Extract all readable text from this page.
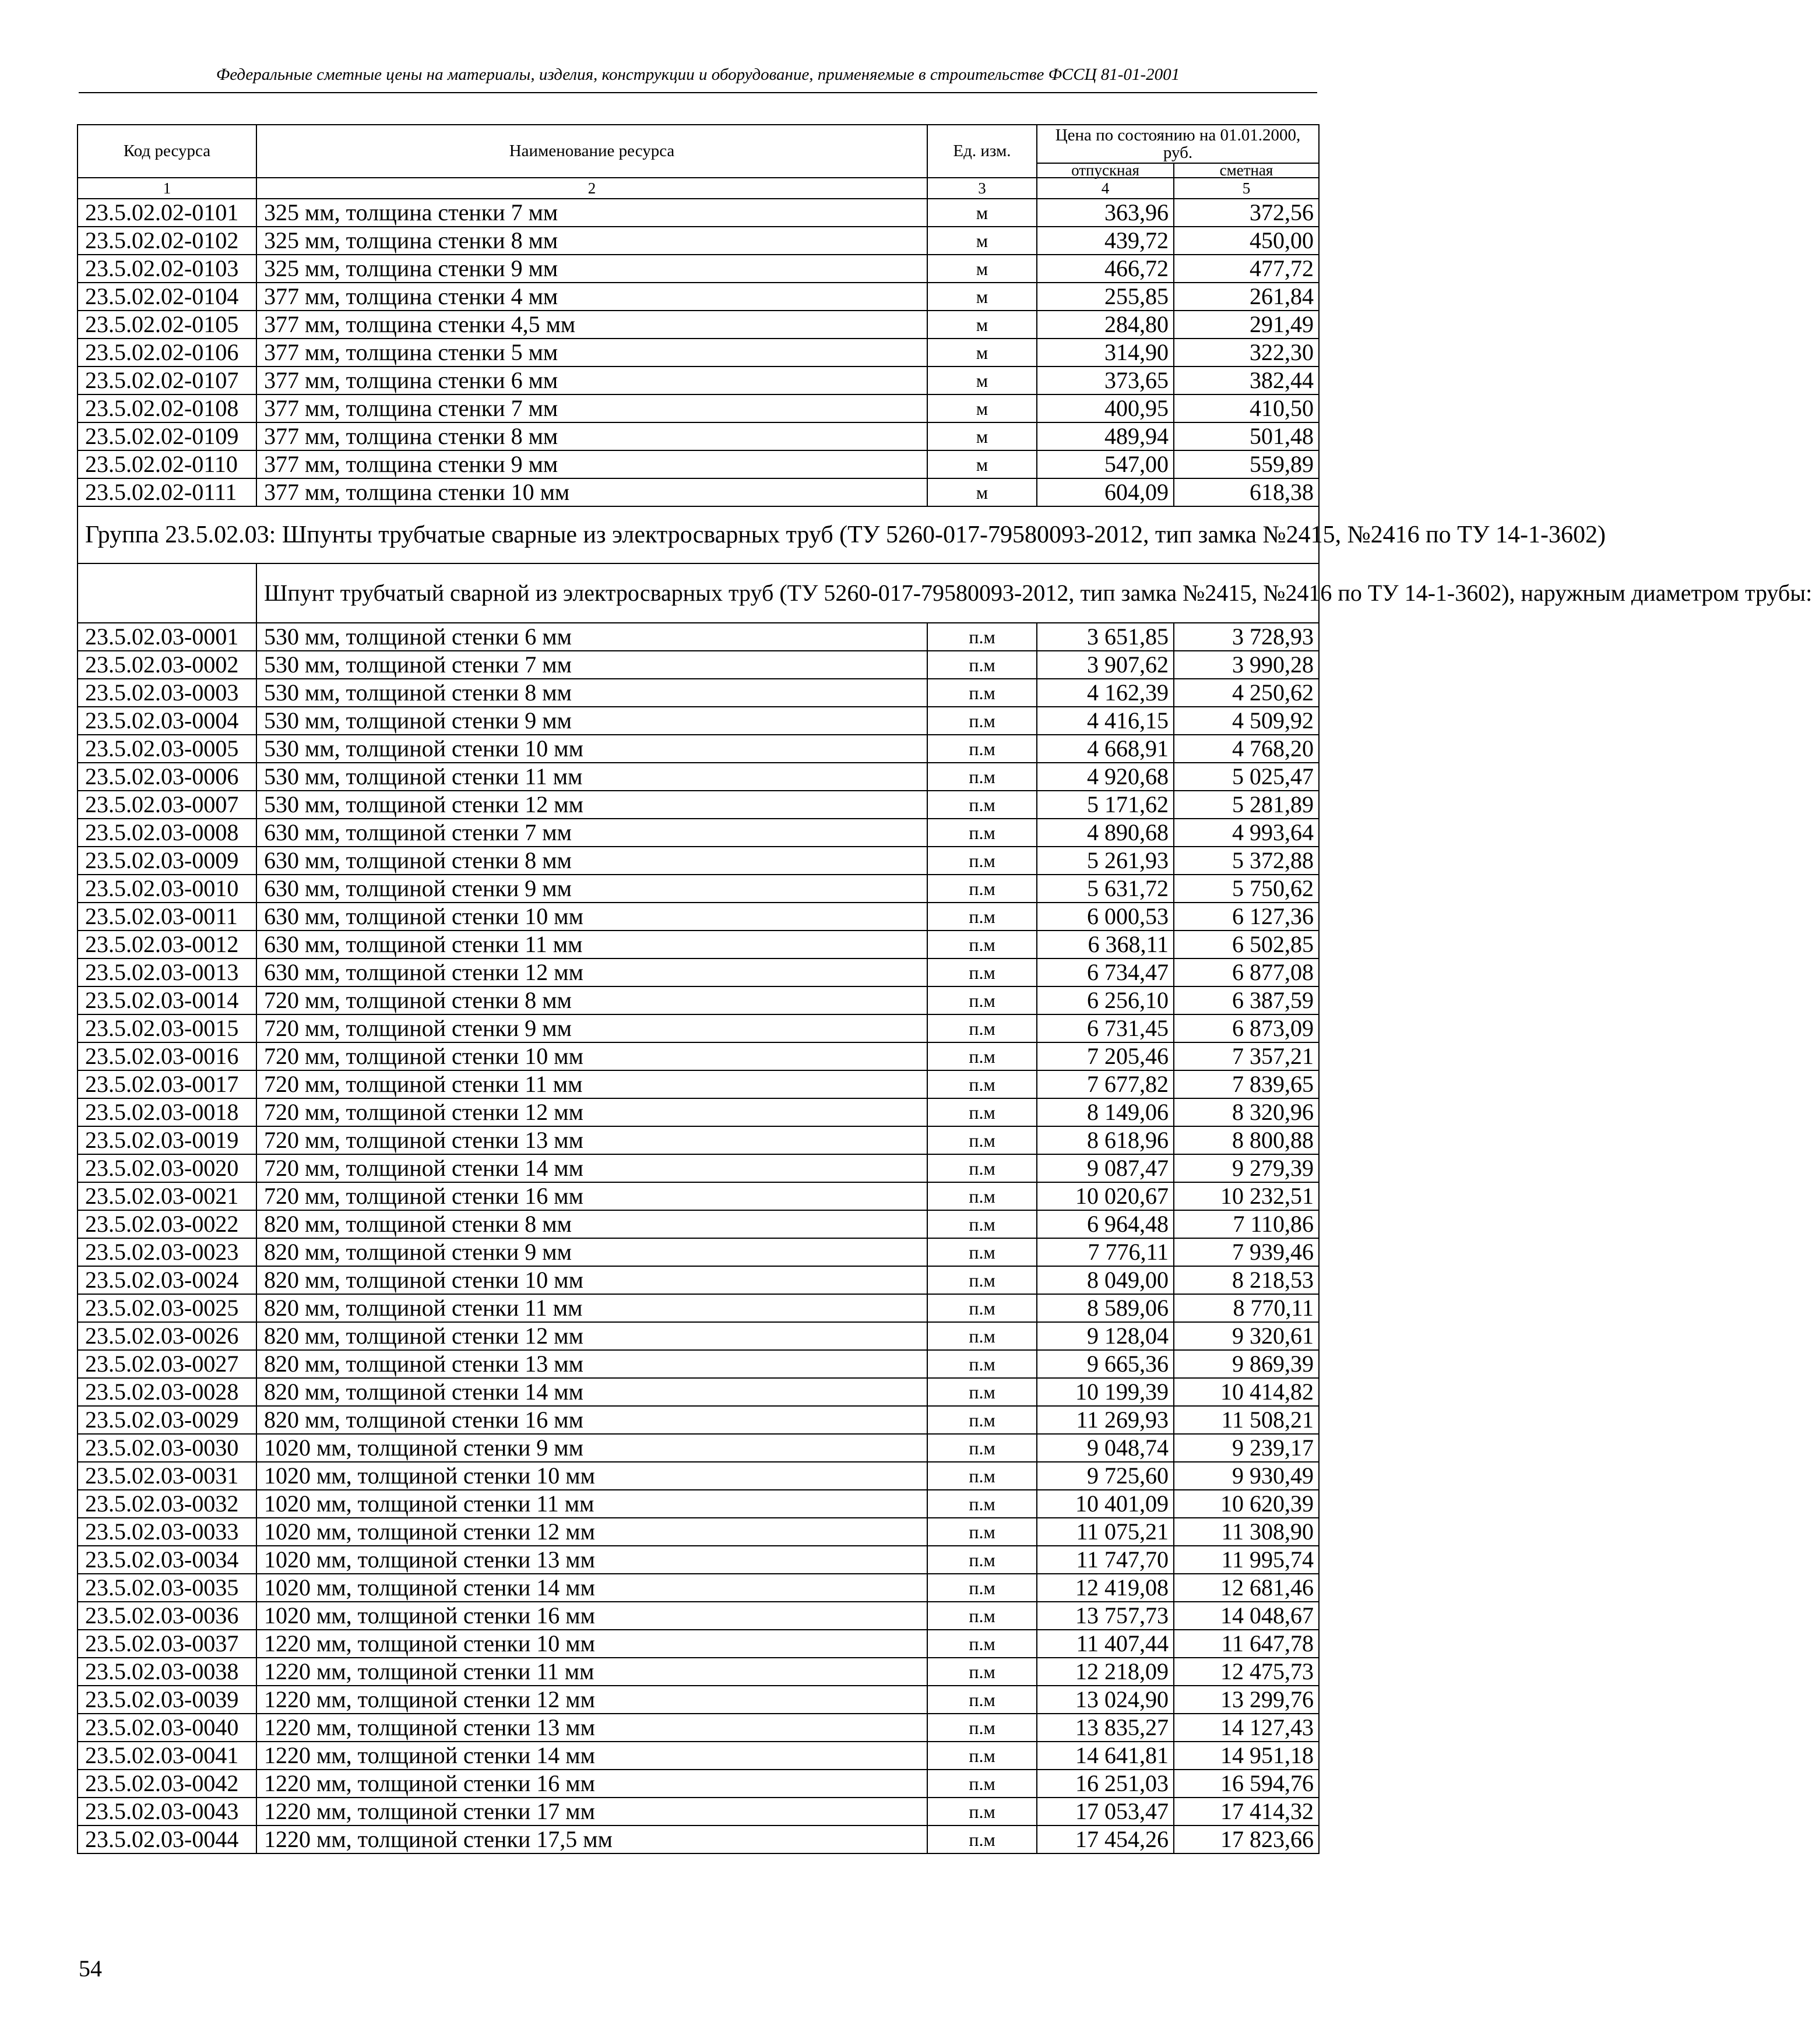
Федеральные сметные цены на материалы, изделия, конструкции и оборудование, применяемые в строительстве ФССЦ 81-01-2001
Код ресурса	Наименование ресурса	Ед. изм.	Цена по состоянию на 01.01.2000, руб.	
			отпускная	сметная
1	2	3	4	5
23.5.02.02-0101	325 мм, толщина стенки 7 мм	м	363,96	372,56
23.5.02.02-0102	325 мм, толщина стенки 8 мм	м	439,72	450,00
23.5.02.02-0103	325 мм, толщина стенки 9 мм	м	466,72	477,72
23.5.02.02-0104	377 мм, толщина стенки 4 мм	м	255,85	261,84
23.5.02.02-0105	377 мм, толщина стенки 4,5 мм	м	284,80	291,49
23.5.02.02-0106	377 мм, толщина стенки 5 мм	м	314,90	322,30
23.5.02.02-0107	377 мм, толщина стенки 6 мм	м	373,65	382,44
23.5.02.02-0108	377 мм, толщина стенки 7 мм	м	400,95	410,50
23.5.02.02-0109	377 мм, толщина стенки 8 мм	м	489,94	501,48
23.5.02.02-0110	377 мм, толщина стенки 9 мм	м	547,00	559,89
23.5.02.02-0111	377 мм, толщина стенки 10 мм	м	604,09	618,38
Группа 23.5.02.03: Шпунты трубчатые сварные из электросварных труб (ТУ 5260-017-79580093-2012, тип замка №2415, №2416 по ТУ 14-1-3602)				
	Шпунт трубчатый сварной из электросварных труб (ТУ 5260-017-79580093-2012, тип замка №2415, №2416 по ТУ 14-1-3602), наружным диаметром трубы:			
23.5.02.03-0001	530 мм, толщиной стенки 6 мм	п.м	3 651,85	3 728,93
23.5.02.03-0002	530 мм, толщиной стенки 7 мм	п.м	3 907,62	3 990,28
23.5.02.03-0003	530 мм, толщиной стенки 8 мм	п.м	4 162,39	4 250,62
23.5.02.03-0004	530 мм, толщиной стенки 9 мм	п.м	4 416,15	4 509,92
23.5.02.03-0005	530 мм, толщиной стенки 10 мм	п.м	4 668,91	4 768,20
23.5.02.03-0006	530 мм, толщиной стенки 11 мм	п.м	4 920,68	5 025,47
23.5.02.03-0007	530 мм, толщиной стенки 12 мм	п.м	5 171,62	5 281,89
23.5.02.03-0008	630 мм, толщиной стенки 7 мм	п.м	4 890,68	4 993,64
23.5.02.03-0009	630 мм, толщиной стенки 8 мм	п.м	5 261,93	5 372,88
23.5.02.03-0010	630 мм, толщиной стенки 9 мм	п.м	5 631,72	5 750,62
23.5.02.03-0011	630 мм, толщиной стенки 10 мм	п.м	6 000,53	6 127,36
23.5.02.03-0012	630 мм, толщиной стенки 11 мм	п.м	6 368,11	6 502,85
23.5.02.03-0013	630 мм, толщиной стенки 12 мм	п.м	6 734,47	6 877,08
23.5.02.03-0014	720 мм, толщиной стенки 8 мм	п.м	6 256,10	6 387,59
23.5.02.03-0015	720 мм, толщиной стенки 9 мм	п.м	6 731,45	6 873,09
23.5.02.03-0016	720 мм, толщиной стенки 10 мм	п.м	7 205,46	7 357,21
23.5.02.03-0017	720 мм, толщиной стенки 11 мм	п.м	7 677,82	7 839,65
23.5.02.03-0018	720 мм, толщиной стенки 12 мм	п.м	8 149,06	8 320,96
23.5.02.03-0019	720 мм, толщиной стенки 13 мм	п.м	8 618,96	8 800,88
23.5.02.03-0020	720 мм, толщиной стенки 14 мм	п.м	9 087,47	9 279,39
23.5.02.03-0021	720 мм, толщиной стенки 16 мм	п.м	10 020,67	10 232,51
23.5.02.03-0022	820 мм, толщиной стенки 8 мм	п.м	6 964,48	7 110,86
23.5.02.03-0023	820 мм, толщиной стенки 9 мм	п.м	7 776,11	7 939,46
23.5.02.03-0024	820 мм, толщиной стенки 10 мм	п.м	8 049,00	8 218,53
23.5.02.03-0025	820 мм, толщиной стенки 11 мм	п.м	8 589,06	8 770,11
23.5.02.03-0026	820 мм, толщиной стенки 12 мм	п.м	9 128,04	9 320,61
23.5.02.03-0027	820 мм, толщиной стенки 13 мм	п.м	9 665,36	9 869,39
23.5.02.03-0028	820 мм, толщиной стенки 14 мм	п.м	10 199,39	10 414,82
23.5.02.03-0029	820 мм, толщиной стенки 16 мм	п.м	11 269,93	11 508,21
23.5.02.03-0030	1020 мм, толщиной стенки 9 мм	п.м	9 048,74	9 239,17
23.5.02.03-0031	1020 мм, толщиной стенки 10 мм	п.м	9 725,60	9 930,49
23.5.02.03-0032	1020 мм, толщиной стенки 11 мм	п.м	10 401,09	10 620,39
23.5.02.03-0033	1020 мм, толщиной стенки 12 мм	п.м	11 075,21	11 308,90
23.5.02.03-0034	1020 мм, толщиной стенки 13 мм	п.м	11 747,70	11 995,74
23.5.02.03-0035	1020 мм, толщиной стенки 14 мм	п.м	12 419,08	12 681,46
23.5.02.03-0036	1020 мм, толщиной стенки 16 мм	п.м	13 757,73	14 048,67
23.5.02.03-0037	1220 мм, толщиной стенки 10 мм	п.м	11 407,44	11 647,78
23.5.02.03-0038	1220 мм, толщиной стенки 11 мм	п.м	12 218,09	12 475,73
23.5.02.03-0039	1220 мм, толщиной стенки 12 мм	п.м	13 024,90	13 299,76
23.5.02.03-0040	1220 мм, толщиной стенки 13 мм	п.м	13 835,27	14 127,43
23.5.02.03-0041	1220 мм, толщиной стенки 14 мм	п.м	14 641,81	14 951,18
23.5.02.03-0042	1220 мм, толщиной стенки 16 мм	п.м	16 251,03	16 594,76
23.5.02.03-0043	1220 мм, толщиной стенки 17 мм	п.м	17 053,47	17 414,32
23.5.02.03-0044	1220 мм, толщиной стенки 17,5 мм	п.м	17 454,26	17 823,66
54
